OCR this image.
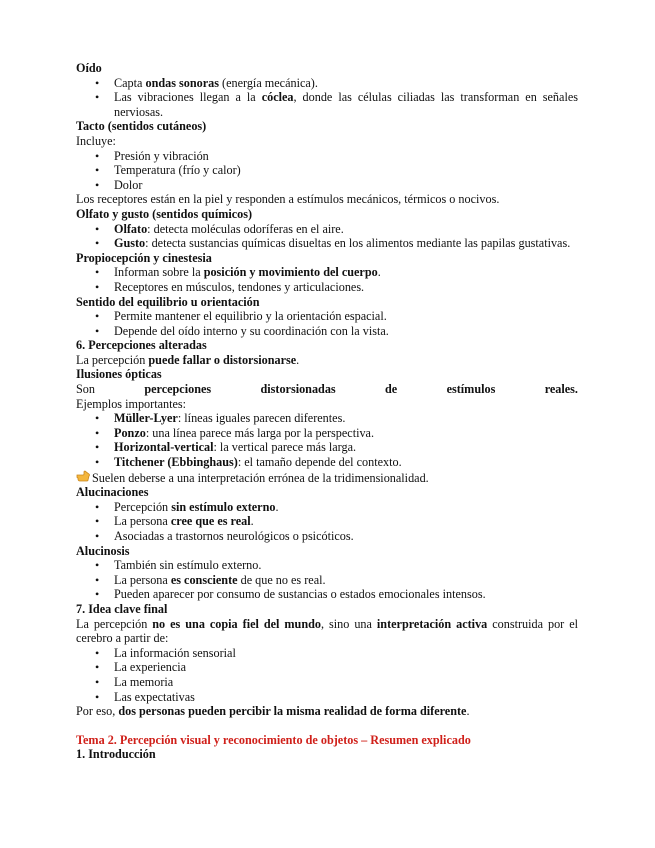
Oído
• Capta ondas sonoras (energía mecánica).
• Las vibraciones llegan a la cóclea, donde las células ciliadas las transforman en señales nerviosas.
Tacto (sentidos cutáneos)
Incluye:
• Presión y vibración
• Temperatura (frío y calor)
• Dolor
Los receptores están en la piel y responden a estímulos mecánicos, térmicos o nocivos.
Olfato y gusto (sentidos químicos)
• Olfato: detecta moléculas odoríferas en el aire.
• Gusto: detecta sustancias químicas disueltas en los alimentos mediante las papilas gustativas.
Propiocepción y cinestesia
• Informan sobre la posición y movimiento del cuerpo.
• Receptores en músculos, tendones y articulaciones.
Sentido del equilibrio u orientación
• Permite mantener el equilibrio y la orientación espacial.
• Depende del oído interno y su coordinación con la vista.
6. Percepciones alteradas
La percepción puede fallar o distorsionarse.
Ilusiones ópticas
Son	percepciones	distorsionadas	de	estímulos	reales.
Ejemplos importantes:
• Müller-Lyer: líneas iguales parecen diferentes.
• Ponzo: una línea parece más larga por la perspectiva.
• Horizontal-vertical: la vertical parece más larga.
• Titchener (Ebbinghaus): el tamaño depende del contexto.
Suelen deberse a una interpretación errónea de la tridimensionalidad.
Alucinaciones
• Percepción sin estímulo externo.
• La persona cree que es real.
• Asociadas a trastornos neurológicos o psicóticos.
Alucinosis
• También sin estímulo externo.
• La persona es consciente de que no es real.
• Pueden aparecer por consumo de sustancias o estados emocionales intensos.
7. Idea clave final
La percepción no es una copia fiel del mundo, sino una interpretación activa construida por el cerebro a partir de:
• La información sensorial
• La experiencia
• La memoria
• Las expectativas
Por eso, dos personas pueden percibir la misma realidad de forma diferente.
Tema 2. Percepción visual y reconocimiento de objetos – Resumen explicado
1. Introducción
